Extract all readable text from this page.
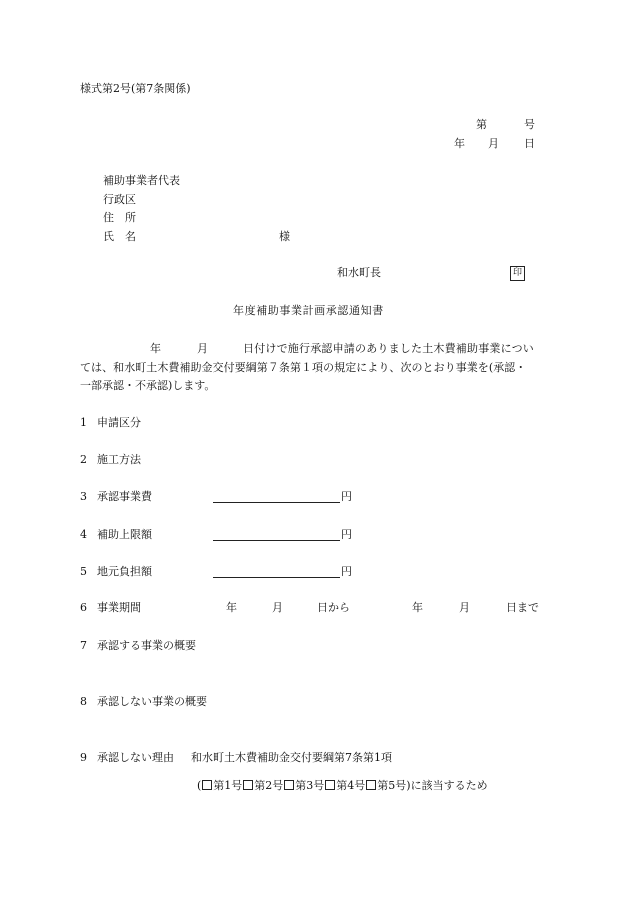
様式第2号(第7条関係)
第	号
年 月 日
補助事業者代表
行政区
住　所
氏　名	様
和水町長	印
年度補助事業計画承認通知書
年	月	日付けで施行承認申請のありました土木費補助事業につい
ては、和水町土木費補助金交付要綱第７条第１項の規定により、次のとおり事業を(承認・
一部承認・不承認)します。
1 申請区分
2 施工方法
3 承認事業費	円
4 補助上限額	円
5 地元負担額	円
6 事業期間	年	月	日から	年	月	日まで
7 承認する事業の概要
8 承認しない事業の概要
9 承認しない理由 和水町土木費補助金交付要綱第7条第1項
( 第1号 第2号 第3号 第4号 第5号)に該当するため
